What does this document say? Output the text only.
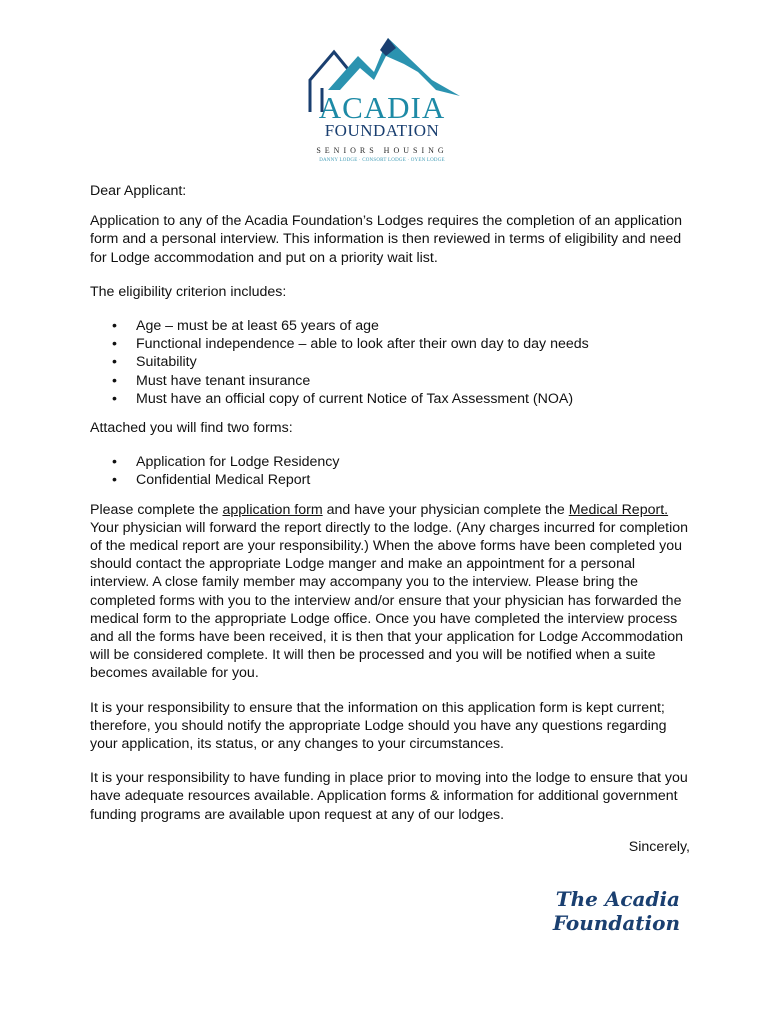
ACADIA
FOUNDATION
SENIORS HOUSING
DANNY LODGE · CONSORT LODGE · OYEN LODGE

Dear Applicant:

Application to any of the Acadia Foundation’s Lodges requires the completion of an application form and a personal interview. This information is then reviewed in terms of eligibility and need for Lodge accommodation and put on a priority wait list.

The eligibility criterion includes:

• Age – must be at least 65 years of age
• Functional independence – able to look after their own day to day needs
• Suitability
• Must have tenant insurance
• Must have an official copy of current Notice of Tax Assessment (NOA)

Attached you will find two forms:

• Application for Lodge Residency
• Confidential Medical Report

Please complete the application form and have your physician complete the Medical Report. Your physician will forward the report directly to the lodge. (Any charges incurred for completion of the medical report are your responsibility.) When the above forms have been completed you should contact the appropriate Lodge manger and make an appointment for a personal interview. A close family member may accompany you to the interview. Please bring the completed forms with you to the interview and/or ensure that your physician has forwarded the medical form to the appropriate Lodge office. Once you have completed the interview process and all the forms have been received, it is then that your application for Lodge Accommodation will be considered complete. It will then be processed and you will be notified when a suite becomes available for you.

It is your responsibility to ensure that the information on this application form is kept current; therefore, you should notify the appropriate Lodge should you have any questions regarding your application, its status, or any changes to your circumstances.

It is your responsibility to have funding in place prior to moving into the lodge to ensure that you have adequate resources available. Application forms & information for additional government funding programs are available upon request at any of our lodges.

Sincerely,

The Acadia Foundation
